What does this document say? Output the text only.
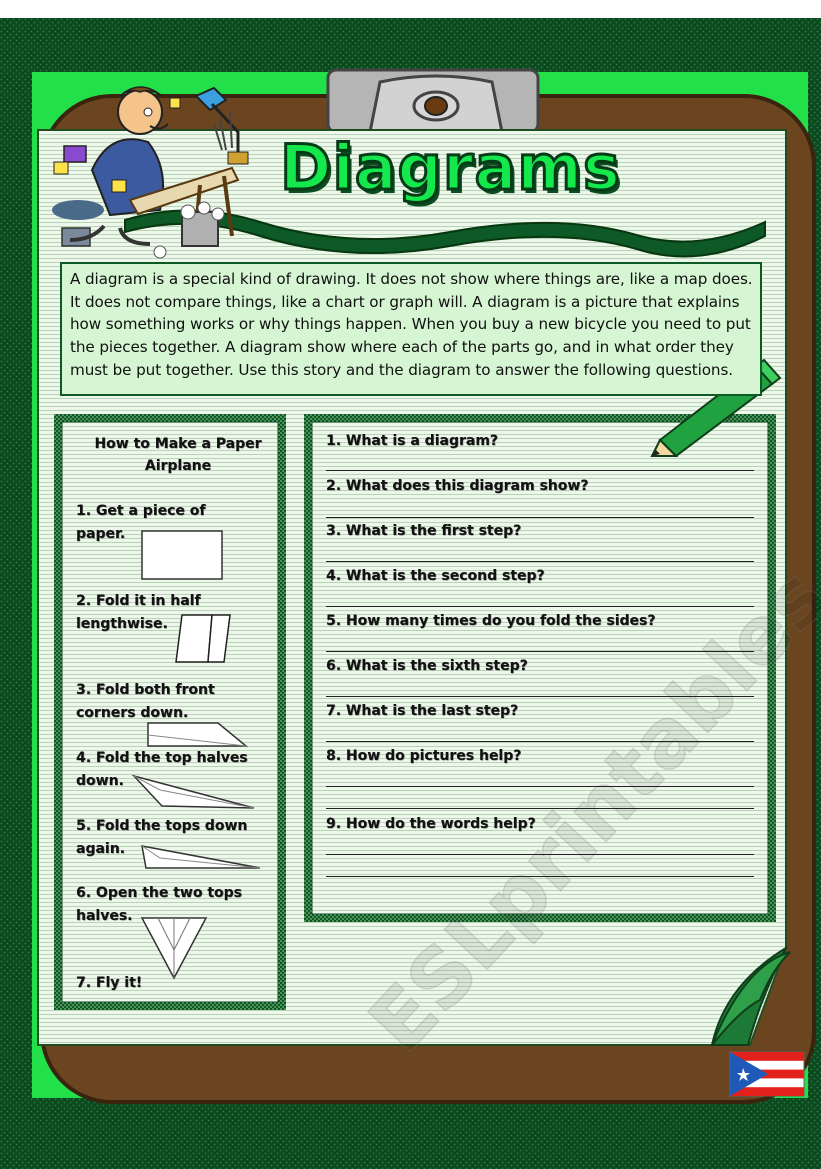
Diagrams
A diagram is a special kind of drawing. It does not show where things are, like a map does. It does not compare things, like a chart or graph will. A diagram is a picture that explains how something works or why things happen. When you buy a new bicycle you need to put the pieces together. A diagram show where each of the parts go, and in what order they must be put together. Use this story and the diagram to answer the following questions.
How to Make a Paper Airplane
1. Get a piece of paper.
2. Fold it in half lengthwise.
3. Fold both front corners down.
4. Fold the top halves down.
5. Fold the tops down again.
6. Open the two tops halves.
7. Fly it!
1. What is a diagram?
2. What does this diagram show?
3. What is the first step?
4. What is the second step?
5. How many times do you fold the sides?
6. What is the sixth step?
7. What is the last step?
8. How do pictures help?
9. How do the words help?
